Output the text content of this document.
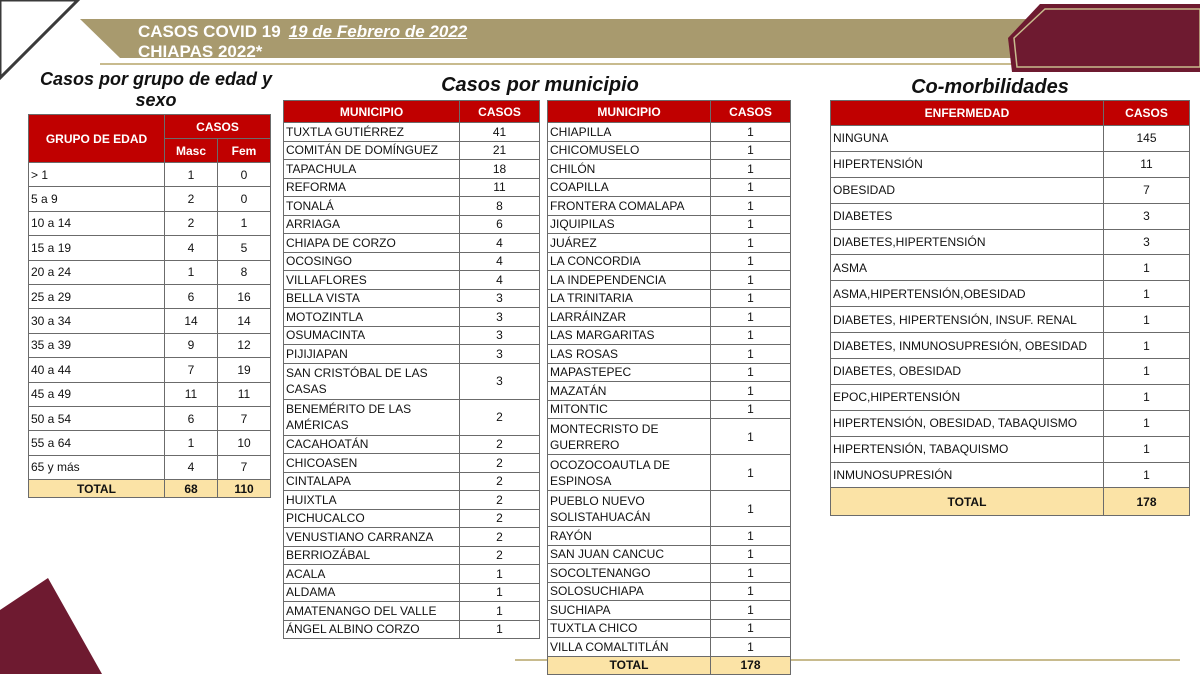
CASOS COVID 19 19 de Febrero de 2022
CHIAPAS 2022*
Casos por grupo de edad y sexo
Casos por municipio	Co-morbilidades
GRUPO DE EDAD	CASOS	
	Masc	Fem
> 1	1	0
5 a 9	2	0
10 a 14	2	1
15 a 19	4	5
20 a 24	1	8
25 a 29	6	16
30 a 34	14	14
35 a 39	9	12
40 a 44	7	19
45 a 49	11	11
50 a 54	6	7
55 a 64	1	10
65 y más	4	7
TOTAL	68	110
MUNICIPIO	CASOS
TUXTLA GUTIÉRREZ	41
COMITÁN DE DOMÍNGUEZ	21
TAPACHULA	18
REFORMA	11
TONALÁ	8
ARRIAGA	6
CHIAPA DE CORZO	4
OCOSINGO	4
VILLAFLORES	4
BELLA VISTA	3
MOTOZINTLA	3
OSUMACINTA	3
PIJIJIAPAN	3
SAN CRISTÓBAL DE LAS CASAS	3
BENEMÉRITO DE LAS AMÉRICAS	2
CACAHOATÁN	2
CHICOASEN	2
CINTALAPA	2
HUIXTLA	2
PICHUCALCO	2
VENUSTIANO CARRANZA	2
BERRIOZÁBAL	2
ACALA	1
ALDAMA	1
AMATENANGO DEL VALLE	1
ÁNGEL ALBINO CORZO	1
MUNICIPIO	CASOS
CHIAPILLA	1
CHICOMUSELO	1
CHILÓN	1
COAPILLA	1
FRONTERA COMALAPA	1
JIQUIPILAS	1
JUÁREZ	1
LA CONCORDIA	1
LA INDEPENDENCIA	1
LA TRINITARIA	1
LARRÁINZAR	1
LAS MARGARITAS	1
LAS ROSAS	1
MAPASTEPEC	1
MAZATÁN	1
MITONTIC	1
MONTECRISTO DE GUERRERO	1
OCOZOCOAUTLA DE ESPINOSA	1
PUEBLO NUEVO SOLISTAHUACÁN	1
RAYÓN	1
SAN JUAN CANCUC	1
SOCOLTENANGO	1
SOLOSUCHIAPA	1
SUCHIAPA	1
TUXTLA CHICO	1
VILLA COMALTITLÁN	1
TOTAL	178
ENFERMEDAD	CASOS
NINGUNA	145
HIPERTENSIÓN	11
OBESIDAD	7
DIABETES	3
DIABETES,HIPERTENSIÓN	3
ASMA	1
ASMA,HIPERTENSIÓN,OBESIDAD	1
DIABETES, HIPERTENSIÓN, INSUF. RENAL	1
DIABETES, INMUNOSUPRESIÓN, OBESIDAD	1
DIABETES, OBESIDAD	1
EPOC,HIPERTENSIÓN	1
HIPERTENSIÓN, OBESIDAD, TABAQUISMO	1
HIPERTENSIÓN, TABAQUISMO	1
INMUNOSUPRESIÓN	1
TOTAL	178
